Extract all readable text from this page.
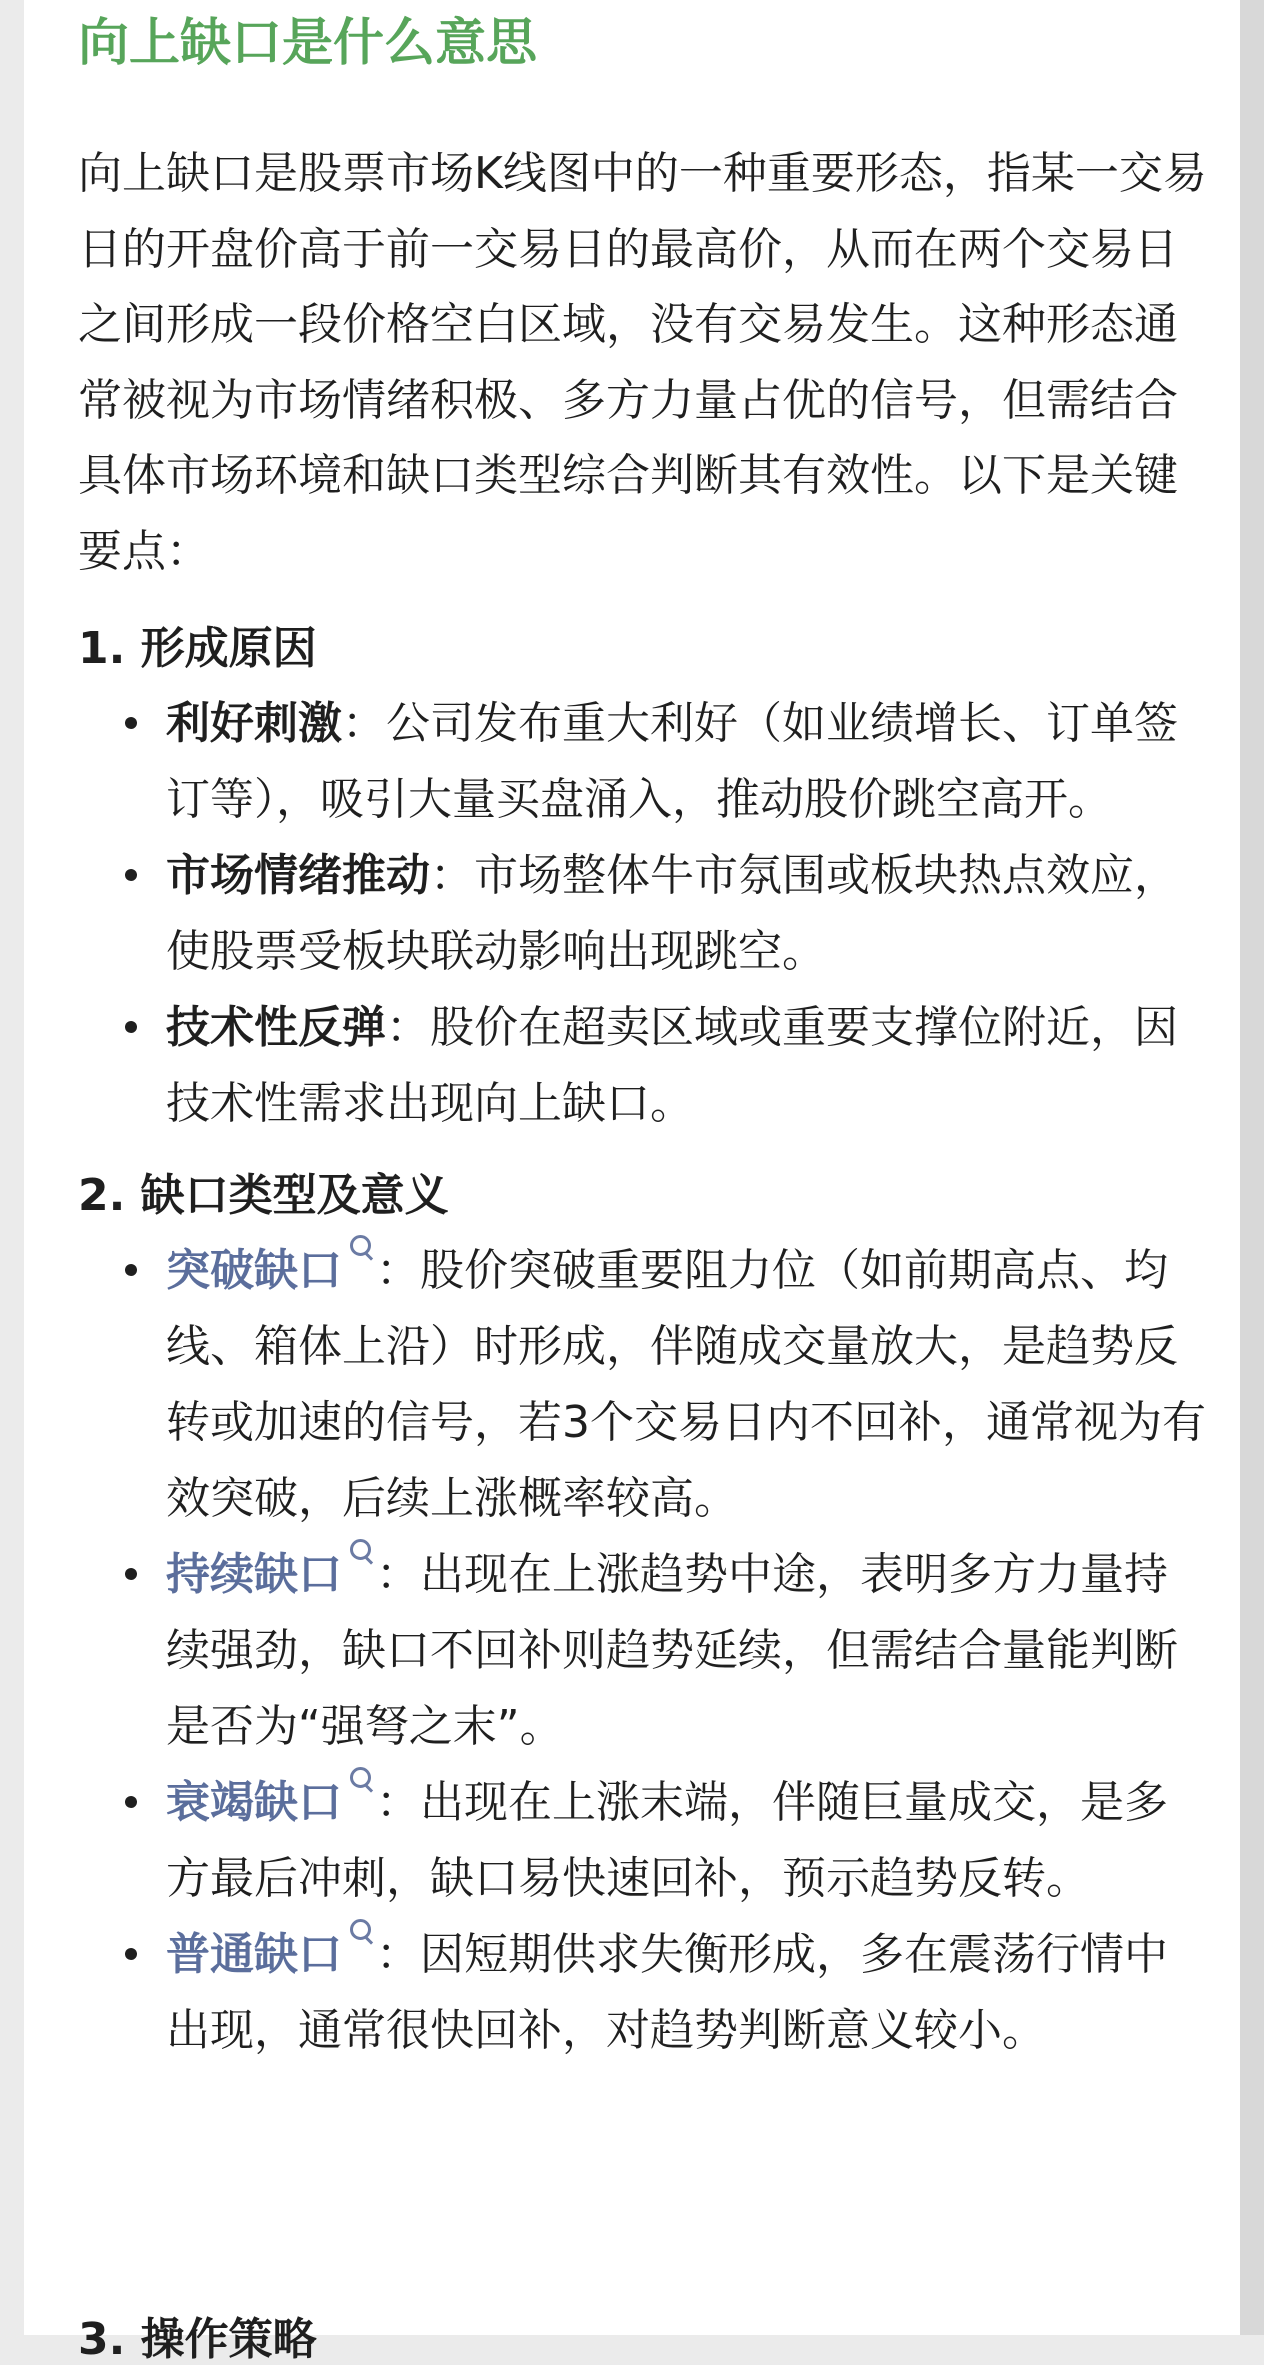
向上缺口是什么意思

向上缺口是股票市场K线图中的一种重要形态，指某一交易日的开盘价高于前一交易日的最高价，从而在两个交易日之间形成一段价格空白区域，没有交易发生。这种形态通常被视为市场情绪积极、多方力量占优的信号，但需结合具体市场环境和缺口类型综合判断其有效性。以下是关键要点：

1. 形成原因
利好刺激：公司发布重大利好（如业绩增长、订单签订等），吸引大量买盘涌入，推动股价跳空高开。
市场情绪推动：市场整体牛市氛围或板块热点效应，使股票受板块联动影响出现跳空。
技术性反弹：股价在超卖区域或重要支撑位附近，因技术性需求出现向上缺口。
2. 缺口类型及意义
突破缺口 ：股价突破重要阻力位（如前期高点、均线、箱体上沿）时形成，伴随成交量放大，是趋势反转或加速的信号，若3个交易日内不回补，通常视为有效突破，后续上涨概率较高。
持续缺口 ：出现在上涨趋势中途，表明多方力量持续强劲，缺口不回补则趋势延续，但需结合量能判断是否为“强弩之末”。
衰竭缺口 ：出现在上涨末端，伴随巨量成交，是多方最后冲刺，缺口易快速回补，预示趋势反转。
普通缺口 ：因短期供求失衡形成，多在震荡行情中出现，通常很快回补，对趋势判断意义较小。
3. 操作策略
